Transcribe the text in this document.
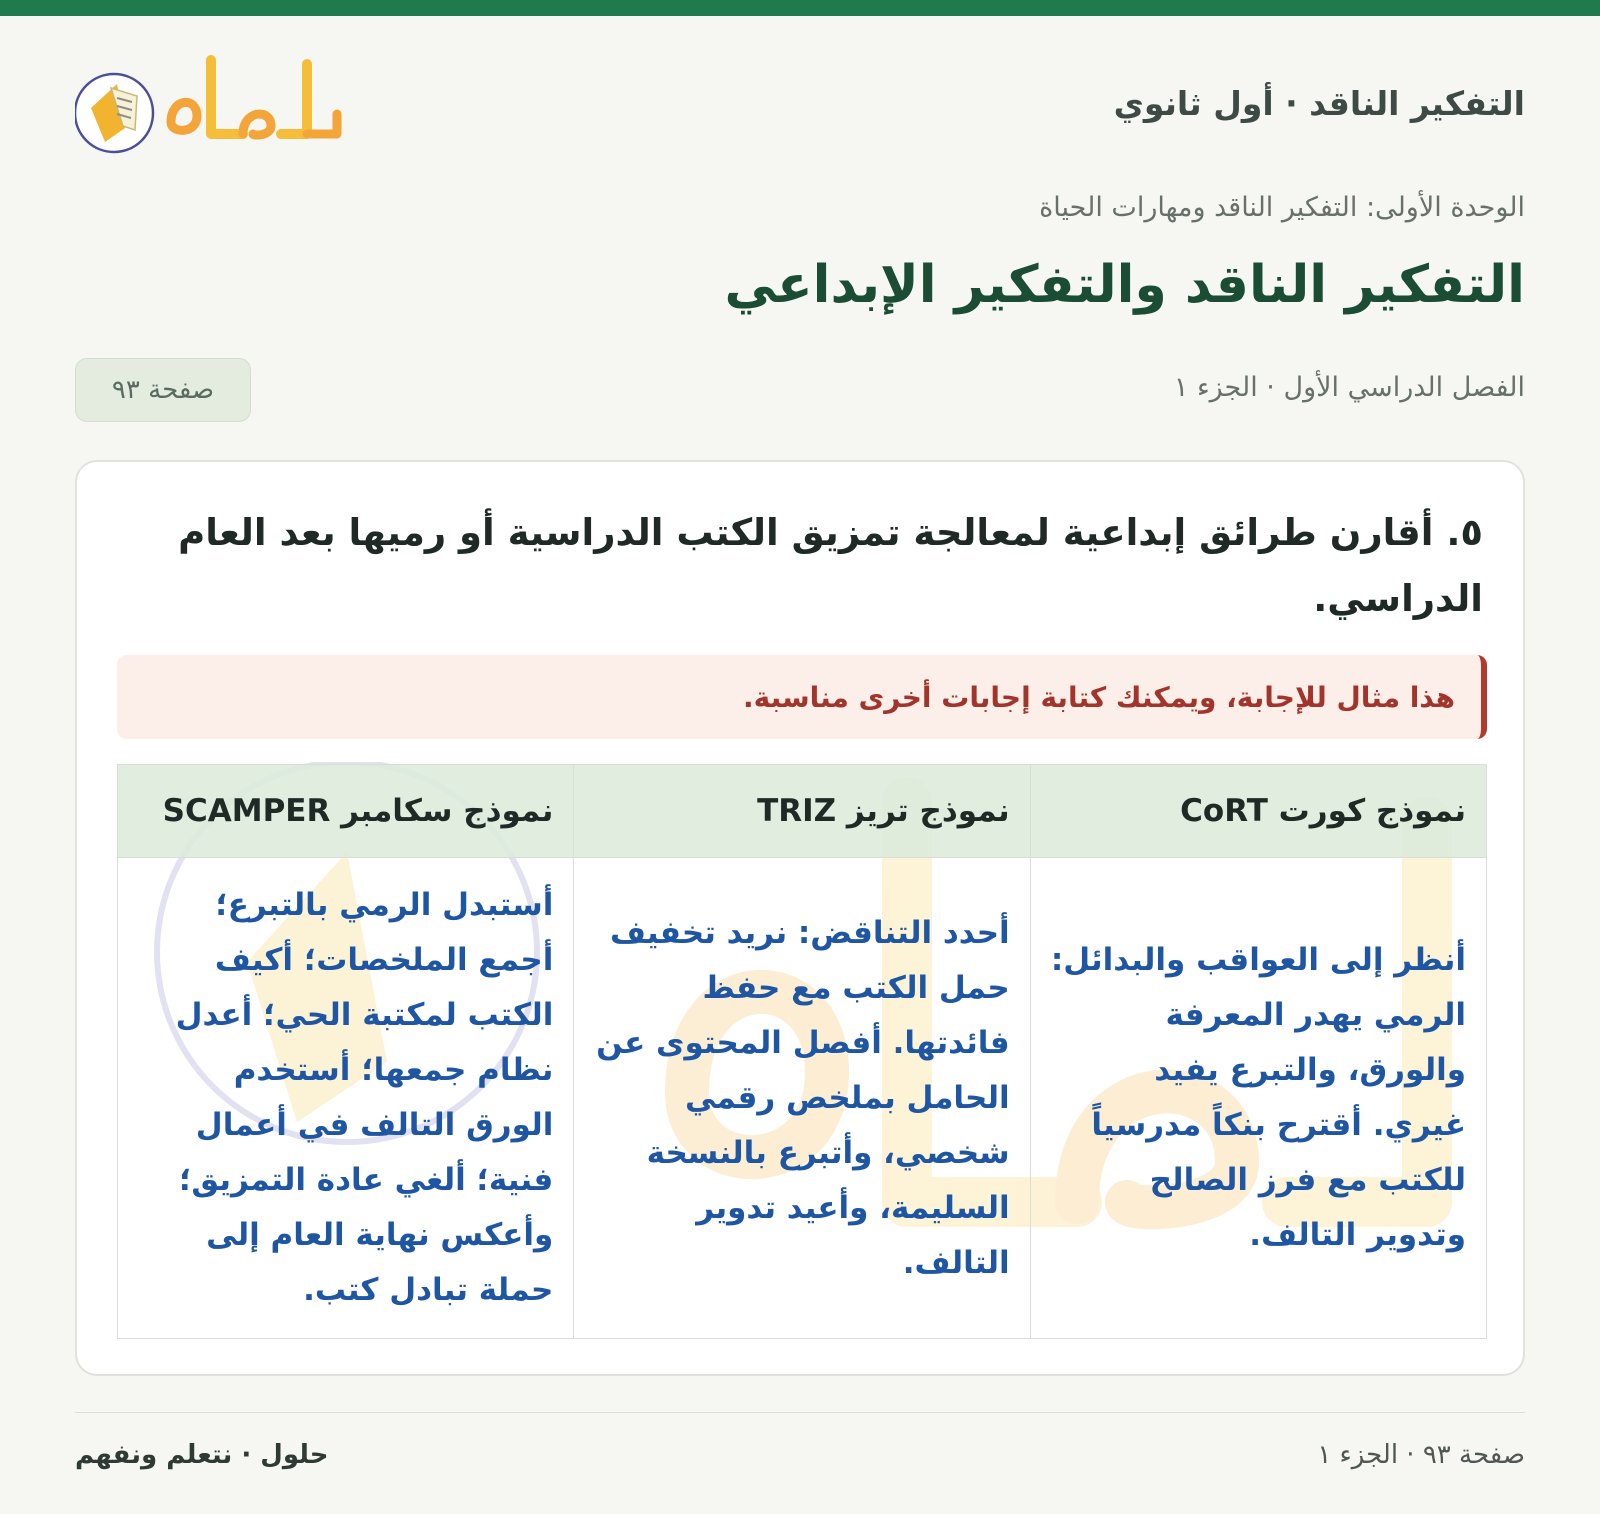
التفكير الناقد · أول ثانوي
الوحدة الأولى: التفكير الناقد ومهارات الحياة
التفكير الناقد والتفكير الإبداعي
الفصل الدراسي الأول · الجزء ١
صفحة ٩٣
٥. أقارن طرائق إبداعية لمعالجة تمزيق الكتب الدراسية أو رميها بعد العام الدراسي.
هذا مثال للإجابة، ويمكنك كتابة إجابات أخرى مناسبة.
نموذج كورت CoRT	نموذج تريز TRIZ	نموذج سكامبر SCAMPER
أنظر إلى العواقب والبدائل: الرمي يهدر المعرفة والورق، والتبرع يفيد غيري. أقترح بنكاً مدرسياً للكتب مع فرز الصالح وتدوير التالف.	أحدد التناقض: نريد تخفيف حمل الكتب مع حفظ فائدتها. أفصل المحتوى عن الحامل بملخص رقمي شخصي، وأتبرع بالنسخة السليمة، وأعيد تدوير التالف.	أستبدل الرمي بالتبرع؛ أجمع الملخصات؛ أكيف الكتب لمكتبة الحي؛ أعدل نظام جمعها؛ أستخدم الورق التالف في أعمال فنية؛ ألغي عادة التمزيق؛ وأعكس نهاية العام إلى حملة تبادل كتب.
صفحة ٩٣ · الجزء ١
حلول · نتعلم ونفهم
